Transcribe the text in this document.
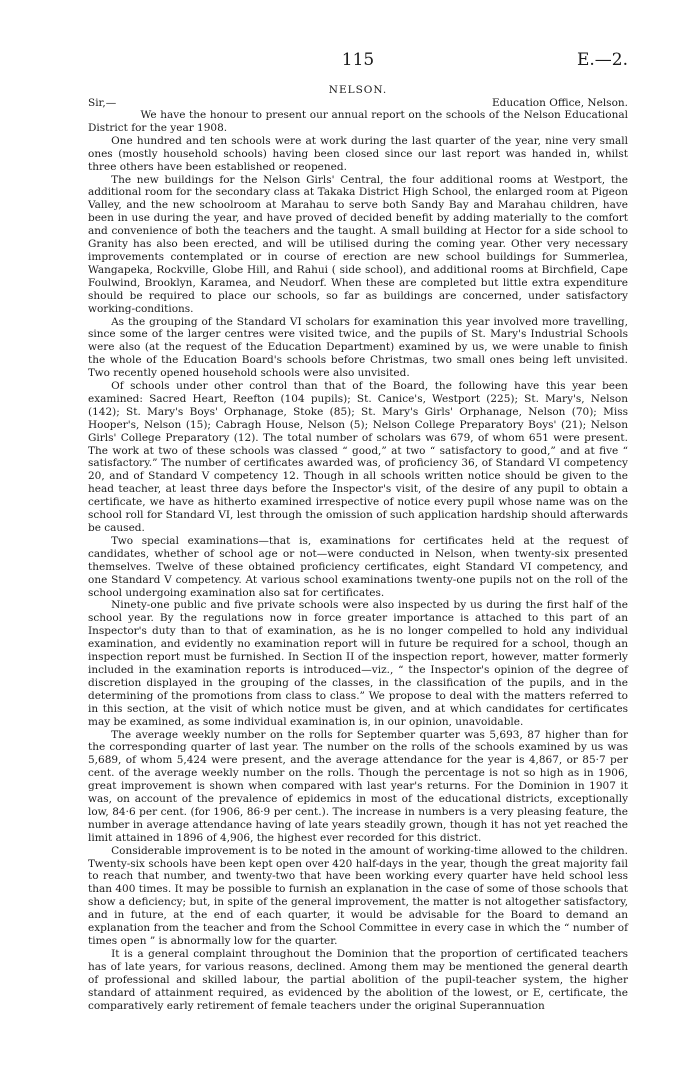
115	E.—2.
NELSON.
Sir,—	Education Office, Nelson.

We have the honour to present our annual report on the schools of the Nelson Educational District for the year 1908.

One hundred and ten schools were at work during the last quarter of the year, nine very small ones (mostly household schools) having been closed since our last report was handed in, whilst three others have been established or reopened.

The new buildings for the Nelson Girls' Central, the four additional rooms at Westport, the additional room for the secondary class at Takaka District High School, the enlarged room at Pigeon Valley, and the new schoolroom at Marahau to serve both Sandy Bay and Marahau children, have been in use during the year, and have proved of decided benefit by adding materially to the comfort and convenience of both the teachers and the taught. A small building at Hector for a side school to Granity has also been erected, and will be utilised during the coming year. Other very necessary improvements contemplated or in course of erection are new school buildings for Summerlea, Wangapeka, Rockville, Globe Hill, and Rahui ( side school), and additional rooms at Birchfield, Cape Foulwind, Brooklyn, Karamea, and Neudorf. When these are completed but little extra expenditure should be required to place our schools, so far as buildings are concerned, under satisfactory working-conditions.

As the grouping of the Standard VI scholars for examination this year involved more travelling, since some of the larger centres were visited twice, and the pupils of St. Mary's Industrial Schools were also (at the request of the Education Department) examined by us, we were unable to finish the whole of the Education Board's schools before Christmas, two small ones being left unvisited. Two recently opened household schools were also unvisited.

Of schools under other control than that of the Board, the following have this year been examined: Sacred Heart, Reefton (104 pupils); St. Canice's, Westport (225); St. Mary's, Nelson (142); St. Mary's Boys' Orphanage, Stoke (85); St. Mary's Girls' Orphanage, Nelson (70); Miss Hooper's, Nelson (15); Cabragh House, Nelson (5); Nelson College Preparatory Boys' (21); Nelson Girls' College Preparatory (12). The total number of scholars was 679, of whom 651 were present. The work at two of these schools was classed “ good,” at two “ satisfactory to good,” and at five “ satisfactory.” The number of certificates awarded was, of proficiency 36, of Standard VI competency 20, and of Standard V competency 12. Though in all schools written notice should be given to the head teacher, at least three days before the Inspector's visit, of the desire of any pupil to obtain a certificate, we have as hitherto examined irrespective of notice every pupil whose name was on the school roll for Standard VI, lest through the omission of such application hardship should afterwards be caused.

Two special examinations—that is, examinations for certificates held at the request of candidates, whether of school age or not—were conducted in Nelson, when twenty-six presented themselves. Twelve of these obtained proficiency certificates, eight Standard VI competency, and one Standard V competency. At various school examinations twenty-one pupils not on the roll of the school undergoing examination also sat for certificates.

Ninety-one public and five private schools were also inspected by us during the first half of the school year. By the regulations now in force greater importance is attached to this part of an Inspector's duty than to that of examination, as he is no longer compelled to hold any individual examination, and evidently no examination report will in future be required for a school, though an inspection report must be furnished. In Section II of the inspection report, however, matter formerly included in the examination reports is introduced—viz., “ the Inspector's opinion of the degree of discretion displayed in the grouping of the classes, in the classification of the pupils, and in the determining of the promotions from class to class.” We propose to deal with the matters referred to in this section, at the visit of which notice must be given, and at which candidates for certificates may be examined, as some individual examination is, in our opinion, unavoidable.

The average weekly number on the rolls for September quarter was 5,693, 87 higher than for the corresponding quarter of last year. The number on the rolls of the schools examined by us was 5,689, of whom 5,424 were present, and the average attendance for the year is 4,867, or 85·7 per cent. of the average weekly number on the rolls. Though the percentage is not so high as in 1906, great improvement is shown when compared with last year's returns. For the Dominion in 1907 it was, on account of the prevalence of epidemics in most of the educational districts, exceptionally low, 84·6 per cent. (for 1906, 86·9 per cent.). The increase in numbers is a very pleasing feature, the number in average attendance having of late years steadily grown, though it has not yet reached the limit attained in 1896 of 4,906, the highest ever recorded for this district.

Considerable improvement is to be noted in the amount of working-time allowed to the children. Twenty-six schools have been kept open over 420 half-days in the year, though the great majority fail to reach that number, and twenty-two that have been working every quarter have held school less than 400 times. It may be possible to furnish an explanation in the case of some of those schools that show a deficiency; but, in spite of the general improvement, the matter is not altogether satisfactory, and in future, at the end of each quarter, it would be advisable for the Board to demand an explanation from the teacher and from the School Committee in every case in which the “ number of times open ” is abnormally low for the quarter.

It is a general complaint throughout the Dominion that the proportion of certificated teachers has of late years, for various reasons, declined. Among them may be mentioned the general dearth of professional and skilled labour, the partial abolition of the pupil-teacher system, the higher standard of attainment required, as evidenced by the abolition of the lowest, or E, certificate, the comparatively early retirement of female teachers under the original Superannuation
